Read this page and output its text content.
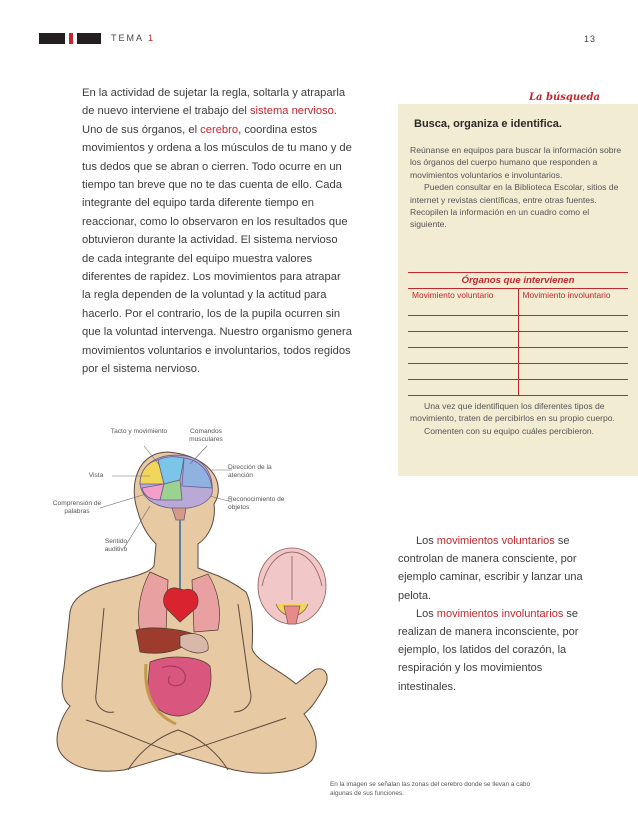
TEMA 1	13
En la actividad de sujetar la regla, soltarla y atraparla de nuevo interviene el trabajo del sistema nervioso. Uno de sus órganos, el cerebro, coordina estos movimientos y ordena a los músculos de tu mano y de tus dedos que se abran o cierren. Todo ocurre en un tiempo tan breve que no te das cuenta de ello. Cada integrante del equipo tarda diferente tiempo en reaccionar, como lo observaron en los resultados que obtuvieron durante la actividad. El sistema nervioso de cada integrante del equipo muestra valores diferentes de rapidez. Los movimientos para atrapar la regla dependen de la voluntad y la actitud para hacerlo. Por el contrario, los de la pupila ocurren sin que la voluntad intervenga. Nuestro organismo genera movimientos voluntarios e involuntarios, todos regidos por el sistema nervioso.
La búsqueda
Busca, organiza e identifica.

Reúnanse en equipos para buscar la información sobre los órganos del cuerpo humano que responden a movimientos voluntarios e involuntarios.

Pueden consultar en la Biblioteca Escolar, sitios de internet y revistas científicas, entre otras fuentes. Recopilen la información en un cuadro como el siguiente.

Órganos que intervienen
Movimiento voluntario	Movimiento involuntario

Una vez que identifiquen los diferentes tipos de movimiento, traten de percibirlos en su propio cuerpo.

Comenten con su equipo cuáles percibieron.

Los movimientos voluntarios se controlan de manera consciente, por ejemplo caminar, escribir y lanzar una pelota.

Los movimientos involuntarios se realizan de manera inconsciente, por ejemplo, los latidos del corazón, la respiración y los movimientos intestinales.

Tacto y movimiento	Comandos musculares
Vista
Dirección de la atención
Comprensión de palabras
Reconocimiento de objetos
Sentido auditivo
En la imagen se señalan las zonas del cerebro donde se llevan a cabo algunas de sus funciones.
